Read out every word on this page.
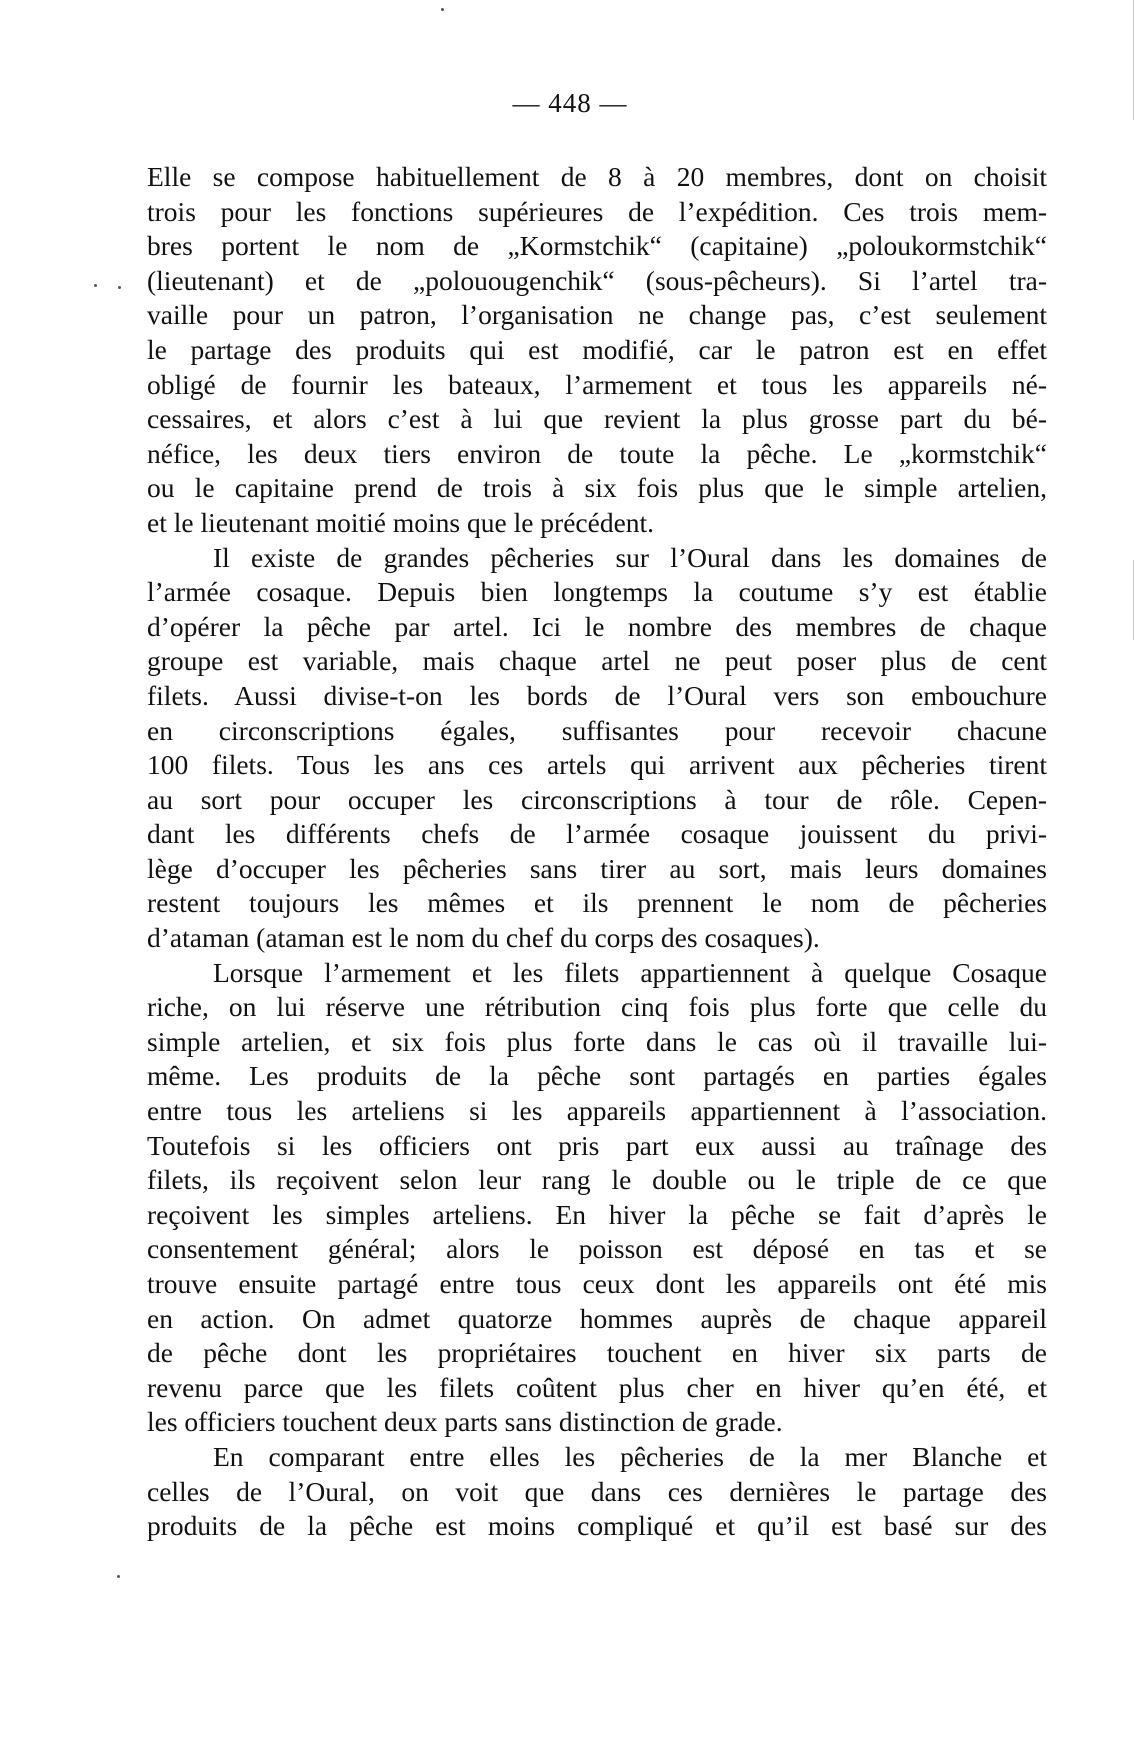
— 448 —
Elle se compose habituellement de 8 à 20 membres, dont on choisit
trois pour les fonctions supérieures de l’expédition. Ces trois mem-
bres portent le nom de „Kormstchik“ (capitaine) „poloukormstchik“
(lieutenant) et de „polouougenchik“ (sous-pêcheurs). Si l’artel tra-
vaille pour un patron, l’organisation ne change pas, c’est seulement
le partage des produits qui est modifié, car le patron est en effet
obligé de fournir les bateaux, l’armement et tous les appareils né-
cessaires, et alors c’est à lui que revient la plus grosse part du bé-
néfice, les deux tiers environ de toute la pêche. Le „kormstchik“
ou le capitaine prend de trois à six fois plus que le simple artelien,
et le lieutenant moitié moins que le précédent.
Il existe de grandes pêcheries sur l’Oural dans les domaines de
l’armée cosaque. Depuis bien longtemps la coutume s’y est établie
d’opérer la pêche par artel. Ici le nombre des membres de chaque
groupe est variable, mais chaque artel ne peut poser plus de cent
filets. Aussi divise-t-on les bords de l’Oural vers son embouchure
en circonscriptions égales, suffisantes pour recevoir chacune
100 filets. Tous les ans ces artels qui arrivent aux pêcheries tirent
au sort pour occuper les circonscriptions à tour de rôle. Cepen-
dant les différents chefs de l’armée cosaque jouissent du privi-
lège d’occuper les pêcheries sans tirer au sort, mais leurs domaines
restent toujours les mêmes et ils prennent le nom de pêcheries
d’ataman (ataman est le nom du chef du corps des cosaques).
Lorsque l’armement et les filets appartiennent à quelque Cosaque
riche, on lui réserve une rétribution cinq fois plus forte que celle du
simple artelien, et six fois plus forte dans le cas où il travaille lui-
même. Les produits de la pêche sont partagés en parties égales
entre tous les arteliens si les appareils appartiennent à l’association.
Toutefois si les officiers ont pris part eux aussi au traînage des
filets, ils reçoivent selon leur rang le double ou le triple de ce que
reçoivent les simples arteliens. En hiver la pêche se fait d’après le
consentement général; alors le poisson est déposé en tas et se
trouve ensuite partagé entre tous ceux dont les appareils ont été mis
en action. On admet quatorze hommes auprès de chaque appareil
de pêche dont les propriétaires touchent en hiver six parts de
revenu parce que les filets coûtent plus cher en hiver qu’en été, et
les officiers touchent deux parts sans distinction de grade.
En comparant entre elles les pêcheries de la mer Blanche et
celles de l’Oural, on voit que dans ces dernières le partage des
produits de la pêche est moins compliqué et qu’il est basé sur des
